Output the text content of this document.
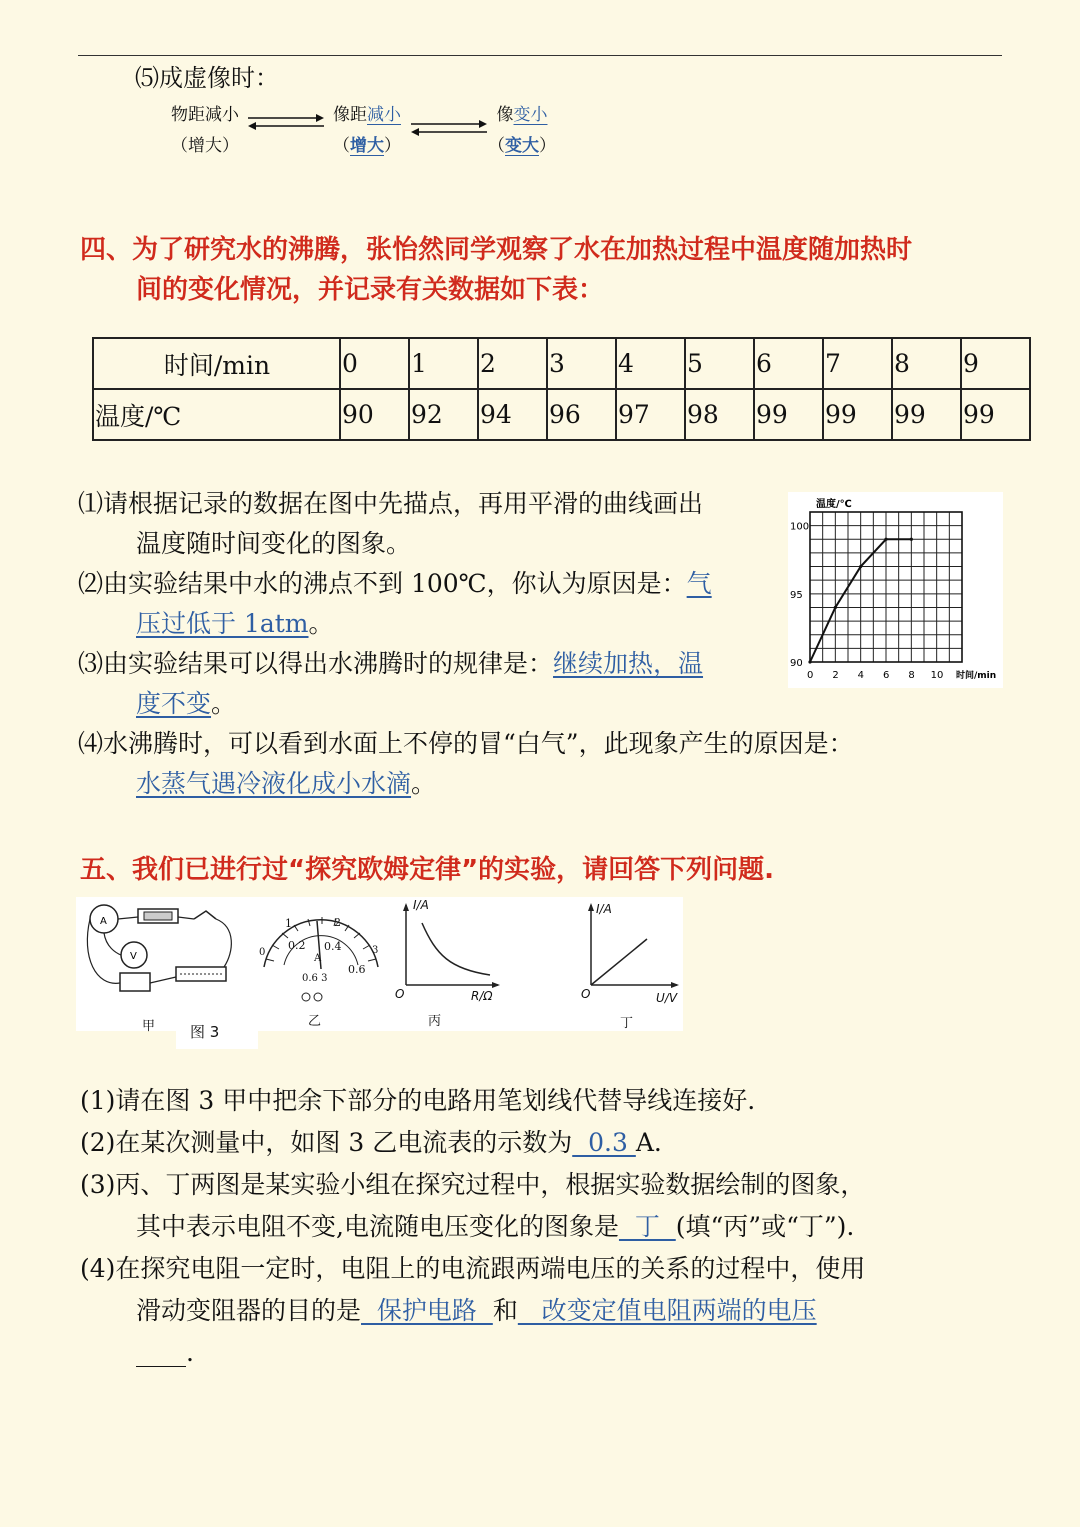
⑸成虚像时：
物距减小
（增大）
像距减小
（增大）
像变小
（变大）
四、为了研究水的沸腾，张怡然同学观察了水在加热过程中温度随加热时
间的变化情况，并记录有关数据如下表：
时间/min	0	1	2	3	4	5	6	7	8	9
温度/℃	90	92	94	96	97	98	99	99	99	99
⑴请根据记录的数据在图中先描点，再用平滑的曲线画出
温度随时间变化的图象。
⑵由实验结果中水的沸点不到 100℃，你认为原因是：气
压过低于 1atm。
⑶由实验结果可以得出水沸腾时的规律是：继续加热，温
度不变。
⑷水沸腾时，可以看到水面上不停的冒“白气”，此现象产生的原因是：
水蒸气遇冷液化成小水滴。
0 2 4 6 8 10
90
95
100
温度/℃
时间/min
五、我们已进行过“探究欧姆定律”的实验，请回答下列问题.
A
V
甲	图 3
1	2
0.2 0.4
0	3
0.6
A
0.6 3
乙
I/A
R/Ω
O
丙
I/A
U/V
O
丁
(1)请在图 3 甲中把余下部分的电路用笔划线代替导线连接好.
(2)在某次测量中，如图 3 乙电流表的示数为  0.3 A.
(3)丙、丁两图是某实验小组在探究过程中，根据实验数据绘制的图象，
其中表示电阻不变,电流随电压变化的图象是  丁  (填“丙”或“丁”).
(4)在探究电阻一定时，电阻上的电流跟两端电压的关系的过程中，使用
滑动变阻器的目的是  保护电路  和   改变定值电阻两端的电压
____.
